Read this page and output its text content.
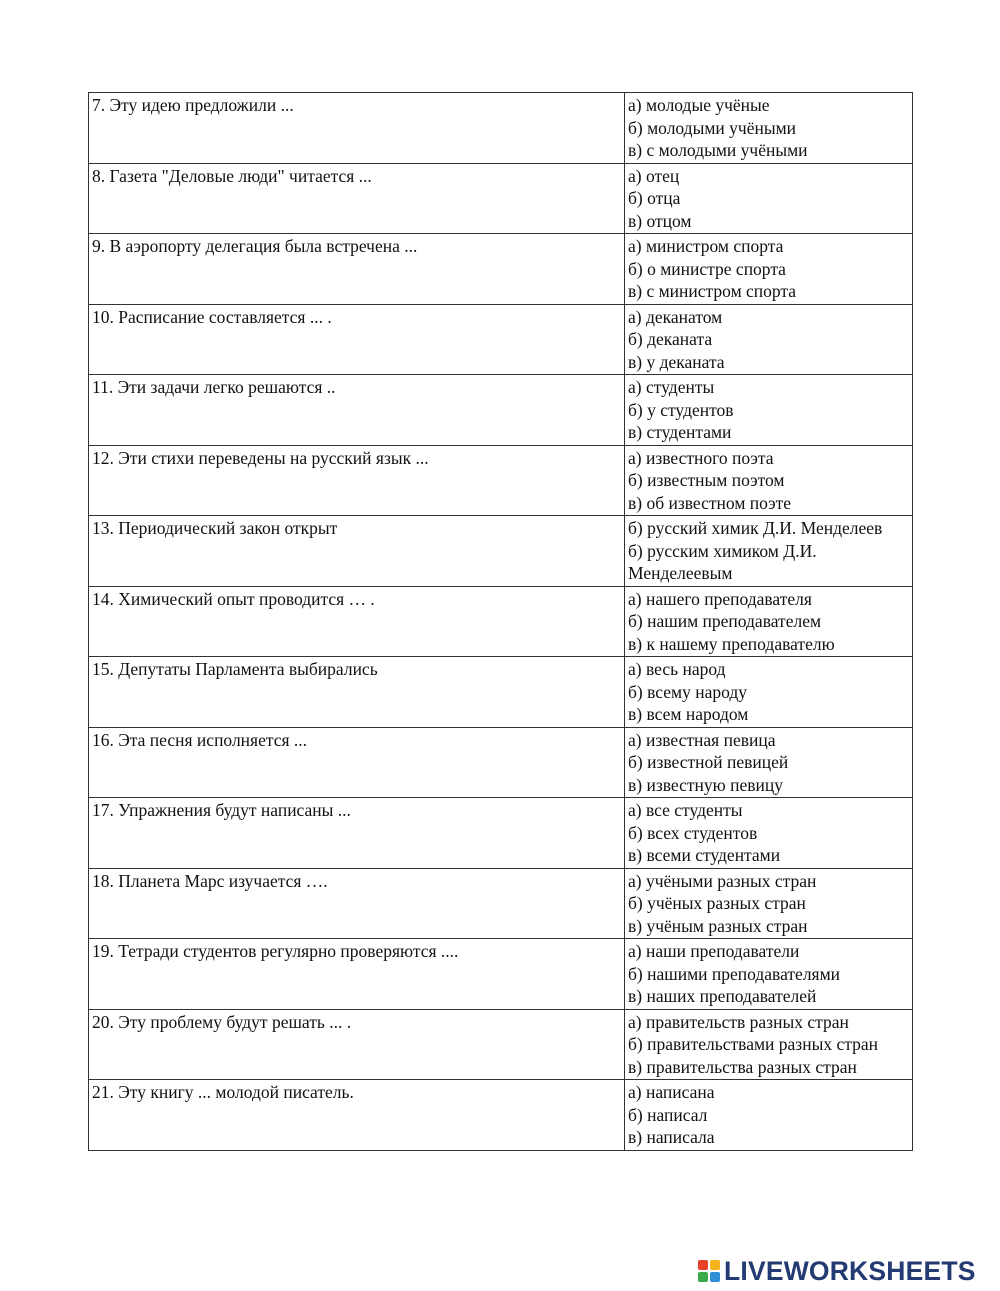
7. Эту идею предложили ...	а) молодые учёные
б) молодыми учёными
в) с молодыми учёными

8. Газета "Деловые люди" читается ...	а) отец
б) отца
в) отцом

9. В аэропорту делегация была встречена ...	а) министром спорта
б) о министре спорта
в) с министром спорта

10. Расписание составляется ... .	а) деканатом
б) деканата
в) у деканата

11. Эти задачи легко решаются ..	а) студенты
б) у студентов
в) студентами

12. Эти стихи переведены на русский язык ...	а) известного поэта
б) известным поэтом
в) об известном поэте

13. Периодический закон открыт	б) русский химик Д.И. Менделеев
б) русским химиком Д.И. Менделеевым

14. Химический опыт проводится … .	а) нашего преподавателя
б) нашим преподавателем
в) к нашему преподавателю

15. Депутаты Парламента выбирались	а) весь народ
б) всему народу
в) всем народом

16. Эта песня исполняется ...	а) известная певица
б) известной певицей
в) известную певицу

17. Упражнения будут написаны ...	а) все студенты
б) всех студентов
в) всеми студентами

18. Планета Марс изучается ….	а) учёными разных стран
б) учёных разных стран
в) учёным разных стран

19. Тетради студентов регулярно проверяются ....	а) наши преподаватели
б) нашими преподавателями
в) наших преподавателей

20. Эту проблему будут решать ... .	а) правительств разных стран
б) правительствами разных стран
в) правительства разных стран

21. Эту книгу ... молодой писатель.	а) написана
б) написал
в) написала
LIVEWORKSHEETS
